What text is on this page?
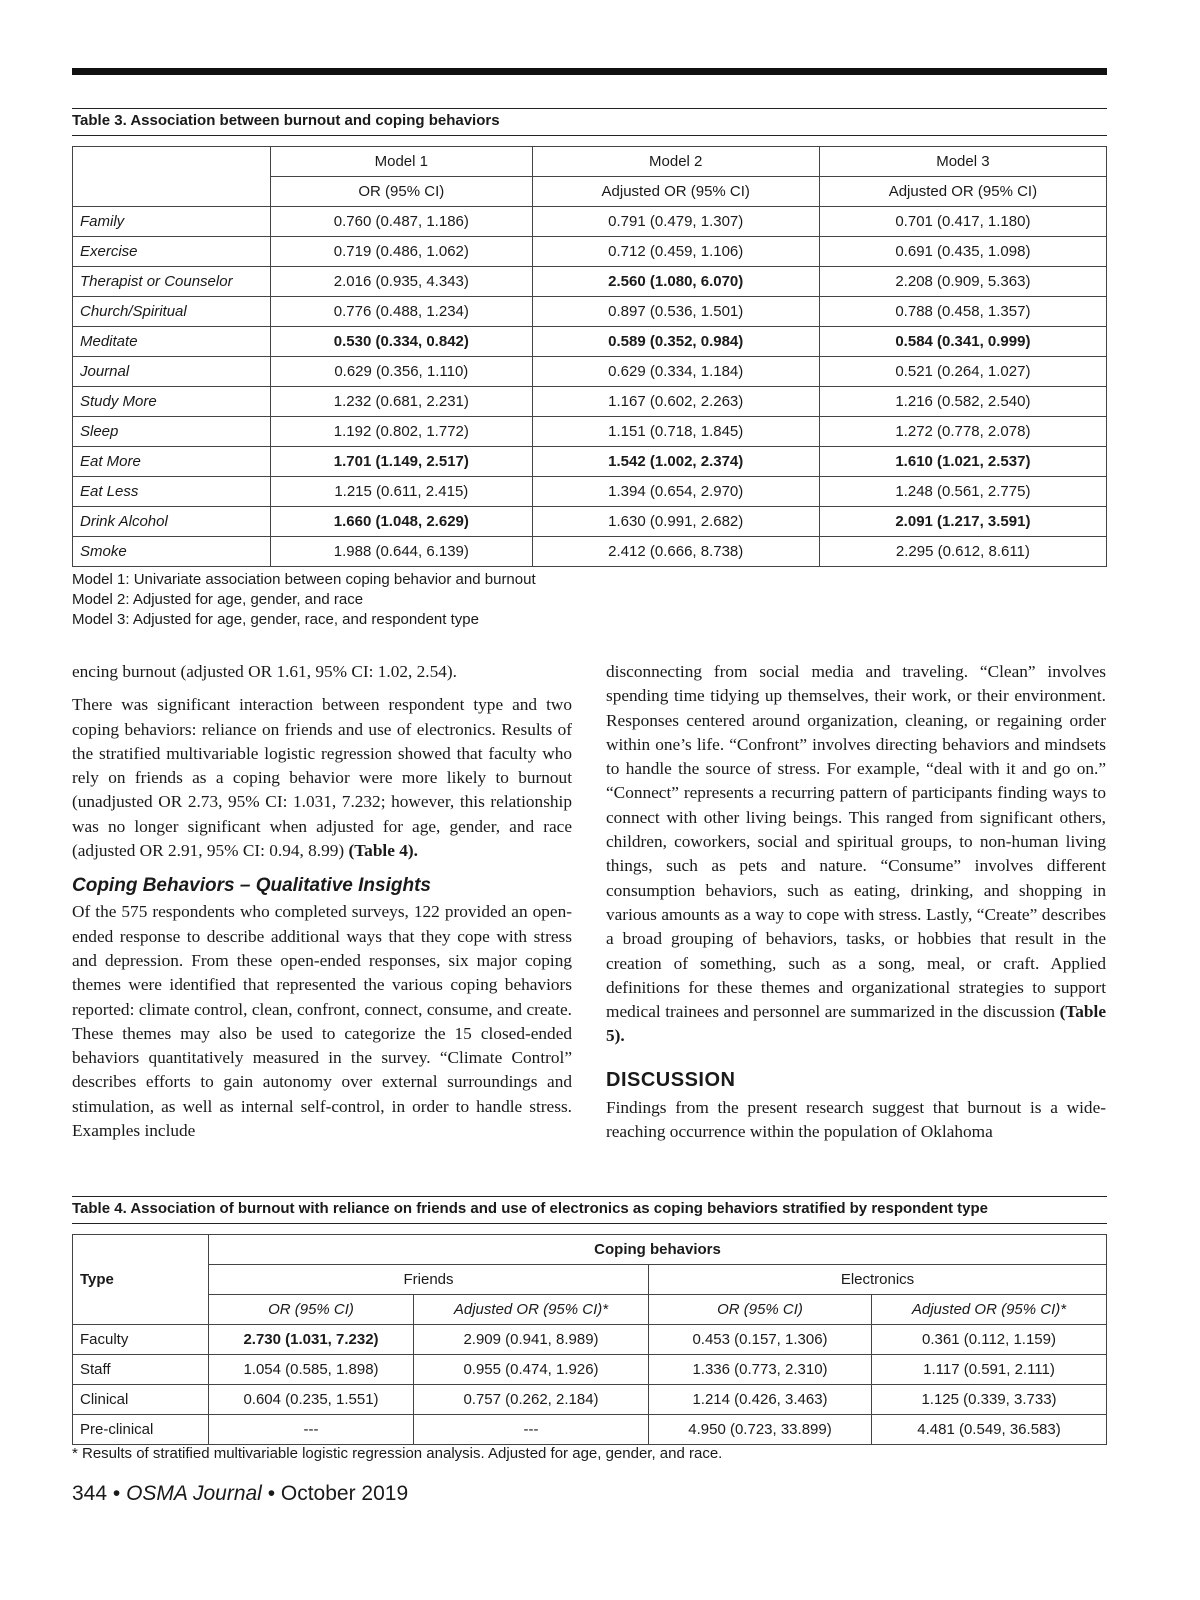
Table 3. Association between burnout and coping behaviors
	Model 1	Model 2	Model 3
	OR (95% CI)	Adjusted OR (95% CI)	Adjusted OR (95% CI)
Family	0.760 (0.487, 1.186)	0.791 (0.479, 1.307)	0.701 (0.417, 1.180)
Exercise	0.719 (0.486, 1.062)	0.712 (0.459, 1.106)	0.691 (0.435, 1.098)
Therapist or Counselor	2.016 (0.935, 4.343)	2.560 (1.080, 6.070)	2.208 (0.909, 5.363)
Church/Spiritual	0.776 (0.488, 1.234)	0.897 (0.536, 1.501)	0.788 (0.458, 1.357)
Meditate	0.530 (0.334, 0.842)	0.589 (0.352, 0.984)	0.584 (0.341, 0.999)
Journal	0.629 (0.356, 1.110)	0.629 (0.334, 1.184)	0.521 (0.264, 1.027)
Study More	1.232 (0.681, 2.231)	1.167 (0.602, 2.263)	1.216 (0.582, 2.540)
Sleep	1.192 (0.802, 1.772)	1.151 (0.718, 1.845)	1.272 (0.778, 2.078)
Eat More	1.701 (1.149, 2.517)	1.542 (1.002, 2.374)	1.610 (1.021, 2.537)
Eat Less	1.215 (0.611, 2.415)	1.394 (0.654, 2.970)	1.248 (0.561, 2.775)
Drink Alcohol	1.660 (1.048, 2.629)	1.630 (0.991, 2.682)	2.091 (1.217, 3.591)
Smoke	1.988 (0.644, 6.139)	2.412 (0.666, 8.738)	2.295 (0.612, 8.611)
Model 1: Univariate association between coping behavior and burnout
Model 2: Adjusted for age, gender, and race
Model 3: Adjusted for age, gender, race, and respondent type

encing burnout (adjusted OR 1.61, 95% CI: 1.02, 2.54).

There was significant interaction between respondent type and two coping behaviors: reliance on friends and use of electronics. Results of the stratified multivariable logistic regression showed that faculty who rely on friends as a coping behavior were more likely to burnout (unadjusted OR 2.73, 95% CI: 1.031, 7.232; however, this relationship was no longer significant when adjusted for age, gender, and race (adjusted OR 2.91, 95% CI: 0.94, 8.99) (Table 4).

Coping Behaviors – Qualitative Insights

Of the 575 respondents who completed surveys, 122 provided an open-ended response to describe additional ways that they cope with stress and depression. From these open-ended responses, six major coping themes were identified that represented the various coping behaviors reported: climate control, clean, confront, connect, consume, and create. These themes may also be used to categorize the 15 closed-ended behaviors quantitatively measured in the survey. “Climate Control” describes efforts to gain autonomy over external surroundings and stimulation, as well as internal self-control, in order to handle stress. Examples include

disconnecting from social media and traveling. “Clean” involves spending time tidying up themselves, their work, or their environment. Responses centered around organization, cleaning, or regaining order within one’s life. “Confront” involves directing behaviors and mindsets to handle the source of stress. For example, “deal with it and go on.” “Connect” represents a recurring pattern of participants finding ways to connect with other living beings. This ranged from significant others, children, coworkers, social and spiritual groups, to non-human living things, such as pets and nature. “Consume” involves different consumption behaviors, such as eating, drinking, and shopping in various amounts as a way to cope with stress. Lastly, “Create” describes a broad grouping of behaviors, tasks, or hobbies that result in the creation of something, such as a song, meal, or craft. Applied definitions for these themes and organizational strategies to support medical trainees and personnel are summarized in the discussion (Table 5).

DISCUSSION

Findings from the present research suggest that burnout is a wide-reaching occurrence within the population of Oklahoma

Table 4. Association of burnout with reliance on friends and use of electronics as coping behaviors stratified by respondent type
Type	Coping behaviors			
	Friends		Electronics	
	OR (95% CI)	Adjusted OR (95% CI)*	OR (95% CI)	Adjusted OR (95% CI)*
Faculty	2.730 (1.031, 7.232)	2.909 (0.941, 8.989)	0.453 (0.157, 1.306)	0.361 (0.112, 1.159)
Staff	1.054 (0.585, 1.898)	0.955 (0.474, 1.926)	1.336 (0.773, 2.310)	1.117 (0.591, 2.111)
Clinical	0.604 (0.235, 1.551)	0.757 (0.262, 2.184)	1.214 (0.426, 3.463)	1.125 (0.339, 3.733)
Pre-clinical	---	---	4.950 (0.723, 33.899)	4.481 (0.549, 36.583)
* Results of stratified multivariable logistic regression analysis. Adjusted for age, gender, and race.
344 • OSMA Journal • October 2019
